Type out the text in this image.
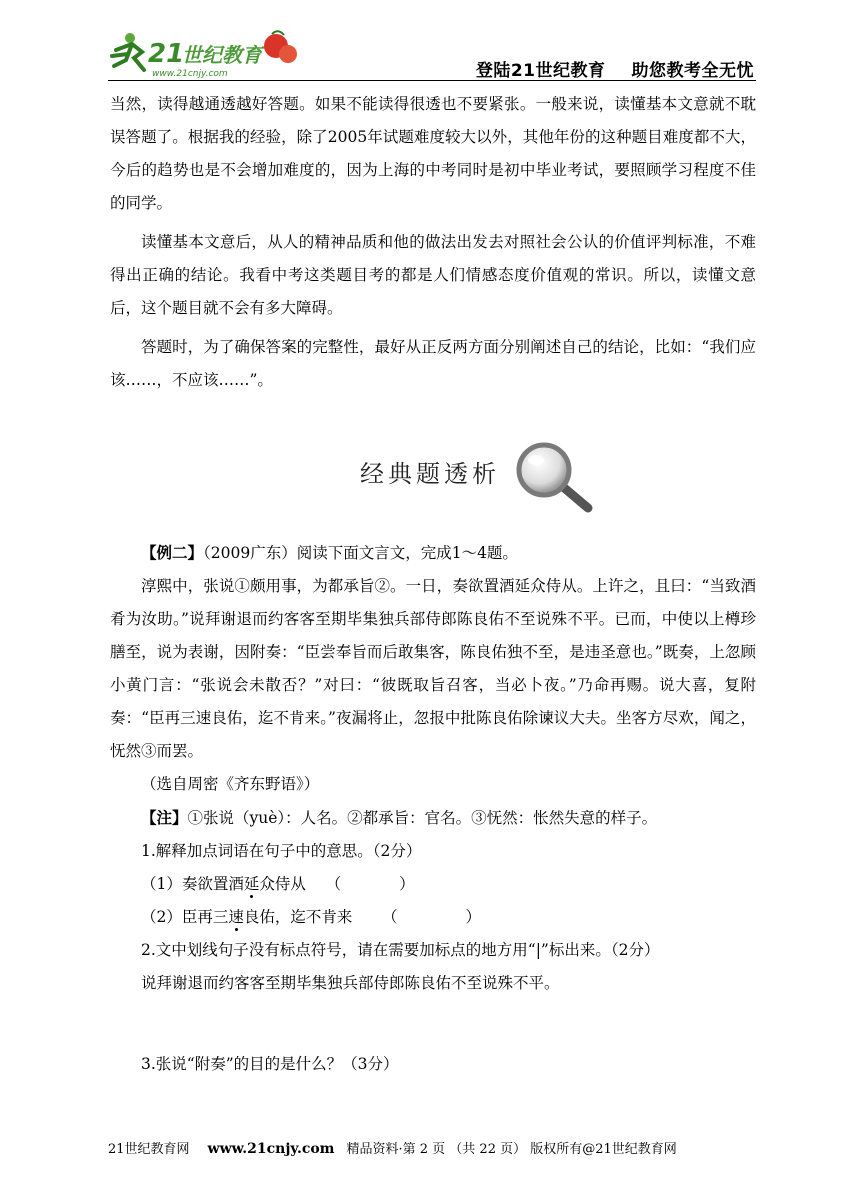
21
世纪教育
www.21cnjy.com	登陆21世纪教育 助您教考全无忧

当然，读得越通透越好答题。如果不能读得很透也不要紧张。一般来说，读懂基本文意就不耽误答题了。根据我的经验，除了2005年试题难度较大以外，其他年份的这种题目难度都不大，今后的趋势也是不会增加难度的，因为上海的中考同时是初中毕业考试，要照顾学习程度不佳的同学。

读懂基本文意后，从人的精神品质和他的做法出发去对照社会公认的价值评判标准，不难得出正确的结论。我看中考这类题目考的都是人们情感态度价值观的常识。所以，读懂文意后，这个题目就不会有多大障碍。

答题时，为了确保答案的完整性，最好从正反两方面分别阐述自己的结论，比如：“我们应该……，不应该……”。

经典题透析

【例二】（2009广东）阅读下面文言文，完成1～4题。

淳熙中，张说①颇用事，为都承旨②。一日，奏欲置酒延众侍从。上许之，且曰：“当致酒肴为汝助。”说拜谢退而约客客至期毕集独兵部侍郎陈良佑不至说殊不平。已而，中使以上樽珍膳至，说为表谢，因附奏：“臣尝奉旨而后敢集客，陈良佑独不至，是违圣意也。”既奏，上忽顾小黄门言：“张说会未散否？”对曰：“彼既取旨召客，当必卜夜。”乃命再赐。说大喜，复附奏：“臣再三速良佑，迄不肯来。”夜漏将止，忽报中批陈良佑除谏议大夫。坐客方尽欢，闻之，怃然③而罢。

（选自周密《齐东野语》）

【注】①张说（yuè）：人名。②都承旨：官名。③怃然：怅然失意的样子。

1.解释加点词语在句子中的意思。（2分）

（1）奏欲置酒延众侍从 （	）

（2）臣再三速良佑，迄不肯来 （	）

2.文中划线句子没有标点符号，请在需要加标点的地方用“|”标出来。（2分）

说拜谢退而约客客至期毕集独兵部侍郎陈良佑不至说殊不平。

3.张说“附奏”的目的是什么？（3分）

21世纪教育网 www.21cnjy.com 精品资料·第 2 页 （共 22 页） 版权所有@21世纪教育网
